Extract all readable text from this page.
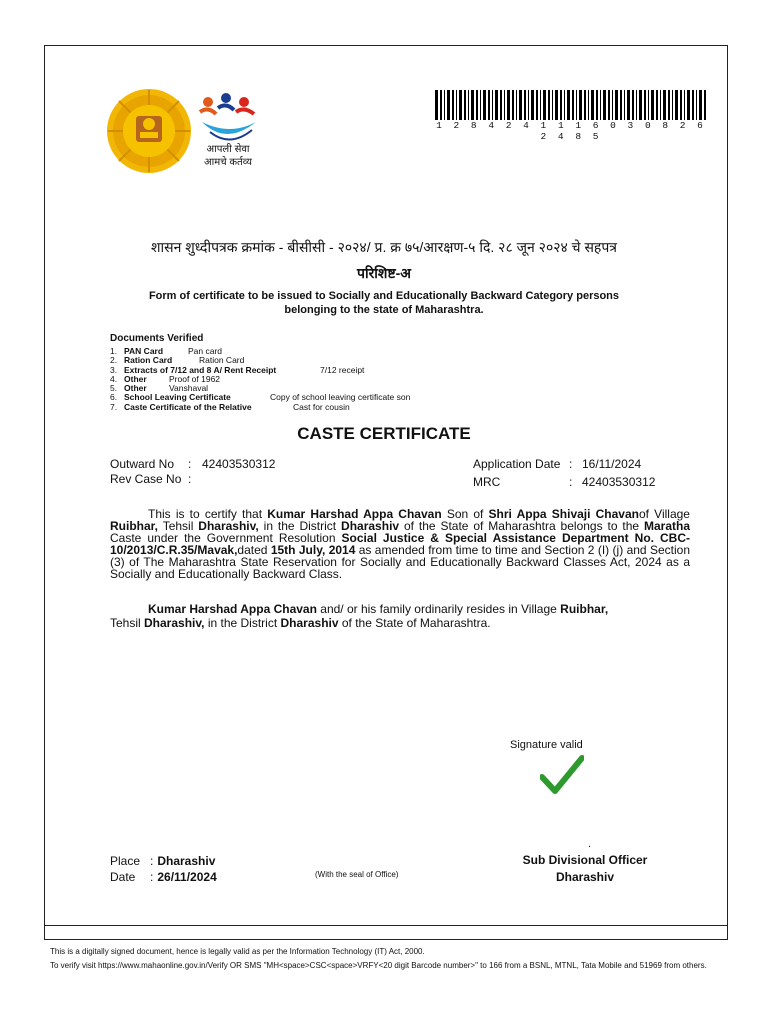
आपली सेवा
आमचे कर्तव्य
1 2 8 4 2 4 1 1 1 6 0 3 0 8 2 6 2 4 8 5
शासन शुध्दीपत्रक क्रमांक - बीसीसी - २०२४/ प्र. क्र ७५/आरक्षण-५ दि. २८ जून २०२४ चे सहपत्र
परिशिष्ट-अ
Form of certificate to be issued to Socially and Educationally Backward Category persons
belonging to the state of Maharashtra.
Documents Verified
1. PAN Card	Pan card
2. Ration Card	Ration Card
3. Extracts of 7/12 and 8 A/ Rent Receipt	7/12 receipt
4. Other	Proof of 1962
5. Other	Vanshaval
6. School Leaving Certificate	Copy of school leaving certificate son
7. Caste Certificate of the Relative	Cast for cousin
CASTE CERTIFICATE
Outward No : 42403530312
Rev Case No :
Application Date : 16/11/2024
MRC	: 42403530312
This is to certify that Kumar Harshad Appa Chavan Son of Shri Appa Shivaji Chavanof Village Ruibhar, Tehsil Dharashiv, in the District Dharashiv of the State of Maharashtra belongs to the Maratha Caste under the Government Resolution Social Justice & Special Assistance Department No. CBC-10/2013/C.R.35/Mavak,dated 15th July, 2014 as amended from time to time and Section 2 (I) (j) and Section (3) of The Maharashtra State Reservation for Socially and Educationally Backward Classes Act, 2024 as a Socially and Educationally Backward Class.
Kumar Harshad Appa Chavan and/ or his family ordinarily resides in Village Ruibhar,
Tehsil Dharashiv, in the District Dharashiv of the State of Maharashtra.
Signature valid
.
Sub Divisional Officer
Dharashiv
Place : Dharashiv
Date : 26/11/2024	(With the seal of Office)
This is a digitally signed document, hence is legally valid as per the Information Technology (IT) Act, 2000.
To verify visit https://www.mahaonline.gov.in/Verify OR SMS "MH<space>CSC<space>VRFY<20 digit Barcode number>" to 166 from a BSNL, MTNL, Tata Mobile and 51969 from others.
